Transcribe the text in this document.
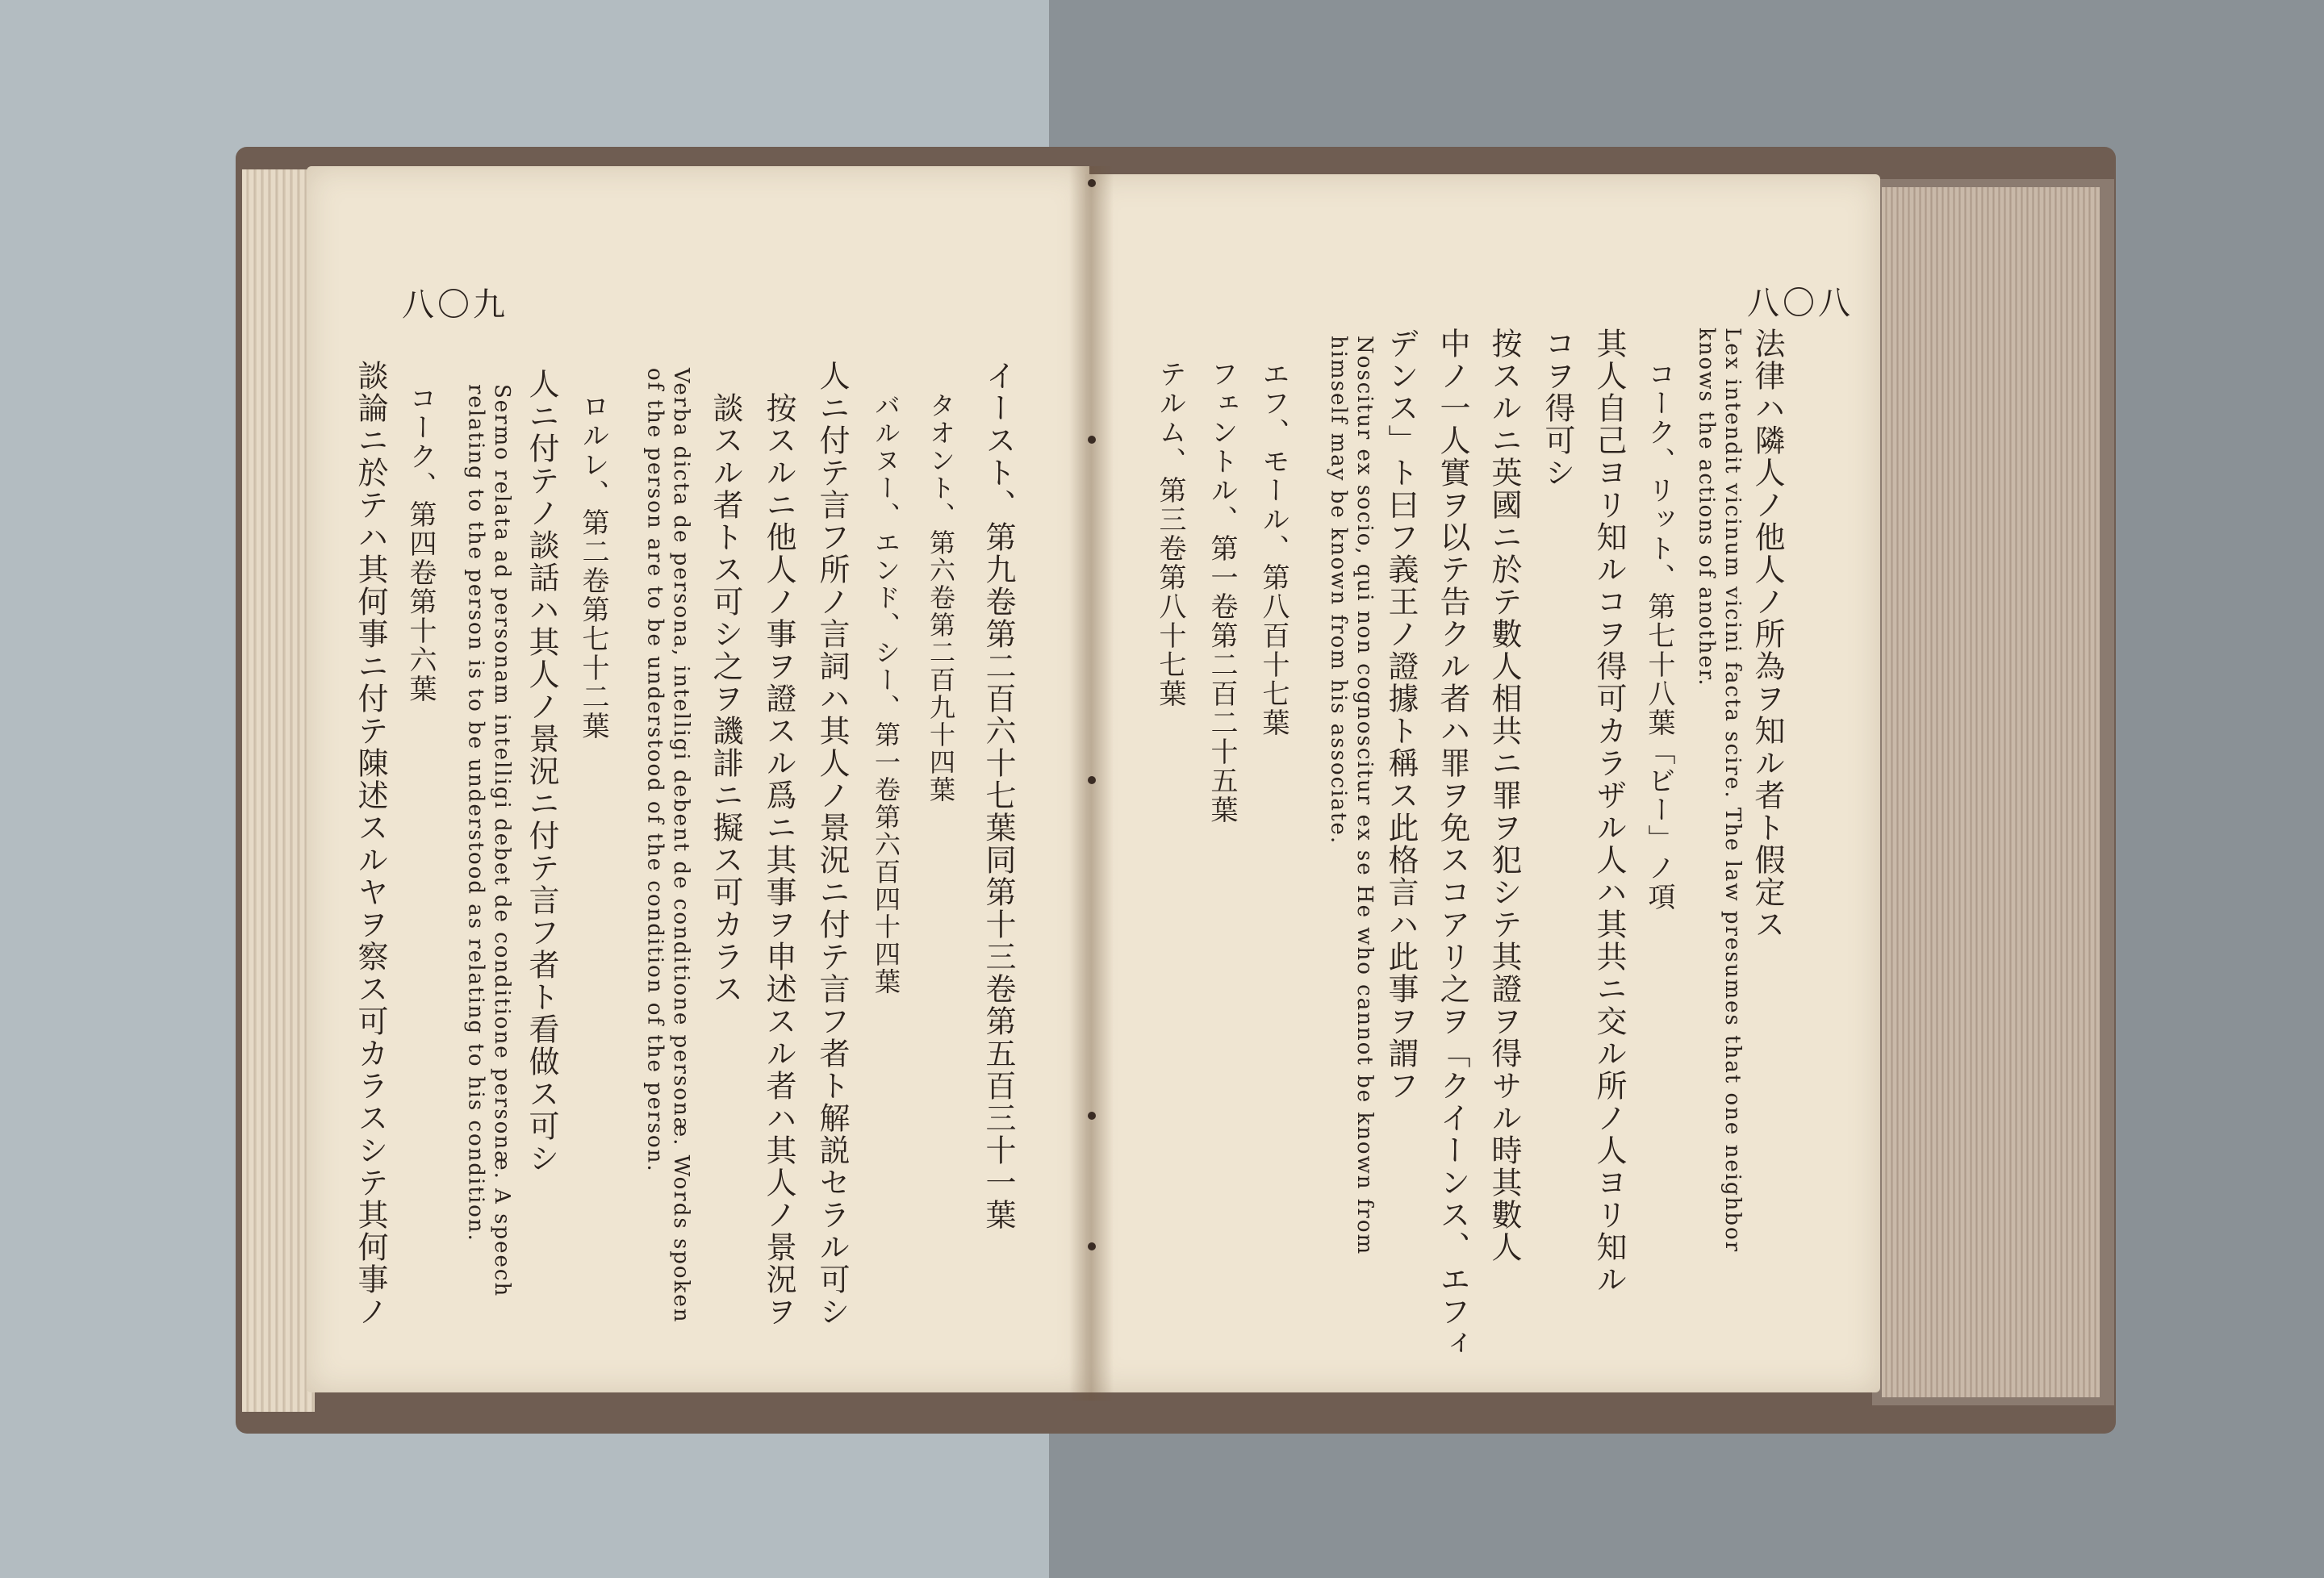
八〇九
イースト、第九卷第二百六十七葉同第十三卷第五百三十一葉
タオント、第六卷第二百九十四葉
バルヌー、エンド、シー、第一卷第六百四十四葉
人ニ付テ言フ所ノ言詞ハ其人ノ景況ニ付テ言フ者ト解説セラル可シ
按スルニ他人ノ事ヲ證スル爲ニ其事ヲ申述スル者ハ其人ノ景況ヲ
談スル者トス可シ之ヲ譏誹ニ擬ス可カラス
Verba dicta de persona, intelligi debent de conditione personæ. Words spoken of the person are to be understood of the condition of the person.
ロルレ、第二卷第七十二葉
人ニ付テノ談話ハ其人ノ景況ニ付テ言フ者ト看做ス可シ
Sermo relata ad personam intelligi debet de conditione personæ. A speech relating to the person is to be understood as relating to his condition.
コーク、第四卷第十六葉
談論ニ於テハ其何事ニ付テ陳述スルヤヲ察ス可カラスシテ其何事ノ
八〇八
法律ハ隣人ノ他人ノ所為ヲ知ル者ト假定ス
Lex intendit vicinum vicini facta scire. The law presumes that one neighbor knows the actions of another.
コーク、リット、第七十八葉「ビー」ノ項
其人自己ヨリ知ルコヲ得可カラザル人ハ其共ニ交ル所ノ人ヨリ知ル
コヲ得可シ
按スルニ英國ニ於テ數人相共ニ罪ヲ犯シテ其證ヲ得サル時其數人
中ノ一人實ヲ以テ告クル者ハ罪ヲ免スコアリ之ヲ「クイーンス、エフィ
デンス」ト曰フ義王ノ證據ト稱ス此格言ハ此事ヲ謂フ
Noscitur ex socio, qui non cognoscitur ex se He who cannot be known from himself may be known from his associate.
エフ、モール、第八百十七葉
フェントル、第一卷第二百二十五葉
テルム、第三卷第八十七葉
